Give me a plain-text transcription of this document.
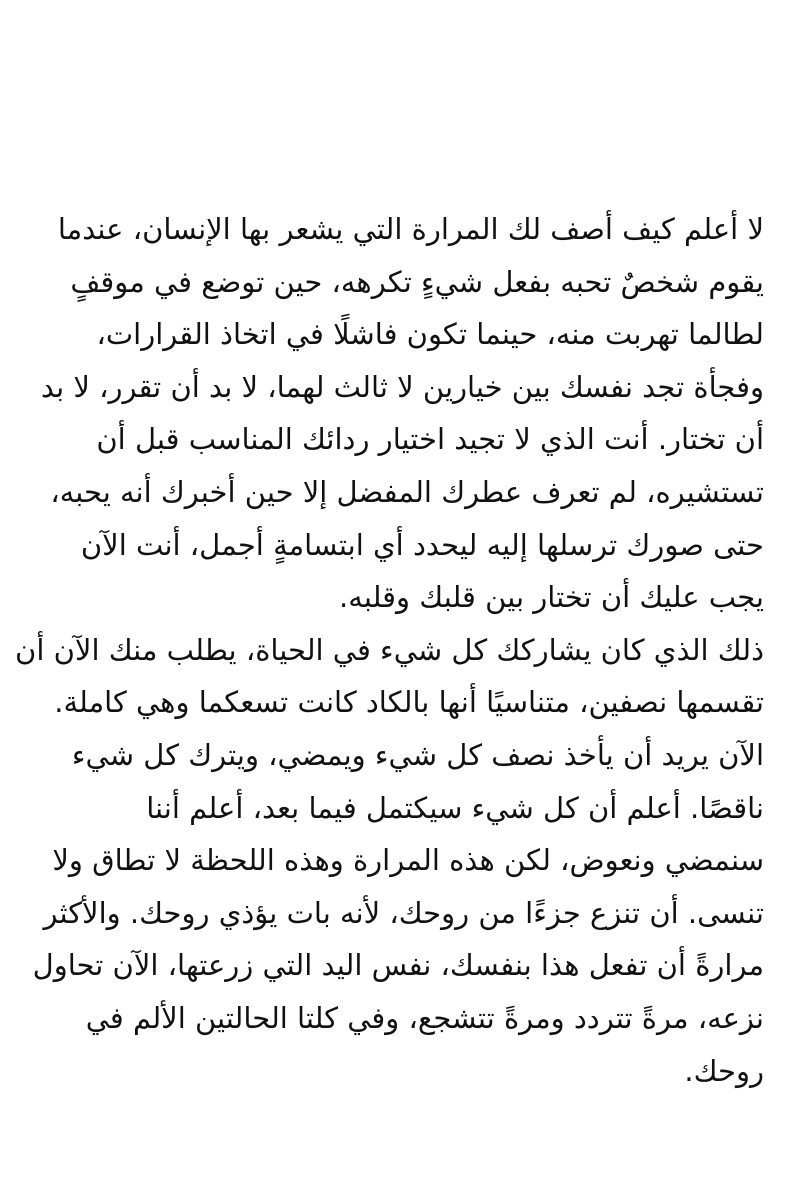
لا أعلم كيف أصف لك المرارة التي يشعر بها الإنسان، عندما
يقوم شخصٌ تحبه بفعل شيءٍ تكرهه، حين توضع في موقفٍ
لطالما تهربت منه، حينما تكون فاشلًا في اتخاذ القرارات،
وفجأة تجد نفسك بين خيارين لا ثالث لهما، لا بد أن تقرر، لا بد
أن تختار. أنت الذي لا تجيد اختيار ردائك المناسب قبل أن
تستشيره، لم تعرف عطرك المفضل إلا حين أخبرك أنه يحبه،
حتى صورك ترسلها إليه ليحدد أي ابتسامةٍ أجمل، أنت الآن
يجب عليك أن تختار بين قلبك وقلبه.
ذلك الذي كان يشاركك كل شيء في الحياة، يطلب منك الآن أن
تقسمها نصفين، متناسيًا أنها بالكاد كانت تسعكما وهي كاملة.
الآن يريد أن يأخذ نصف كل شيء ويمضي، ويترك كل شيء
ناقصًا. أعلم أن كل شيء سيكتمل فيما بعد، أعلم أننا
سنمضي ونعوض، لكن هذه المرارة وهذه اللحظة لا تطاق ولا
تنسى. أن تنزع جزءًا من روحك، لأنه بات يؤذي روحك. والأكثر
مرارةً أن تفعل هذا بنفسك، نفس اليد التي زرعتها، الآن تحاول
نزعه، مرةً تتردد ومرةً تتشجع، وفي كلتا الحالتين الألم في
روحك.
